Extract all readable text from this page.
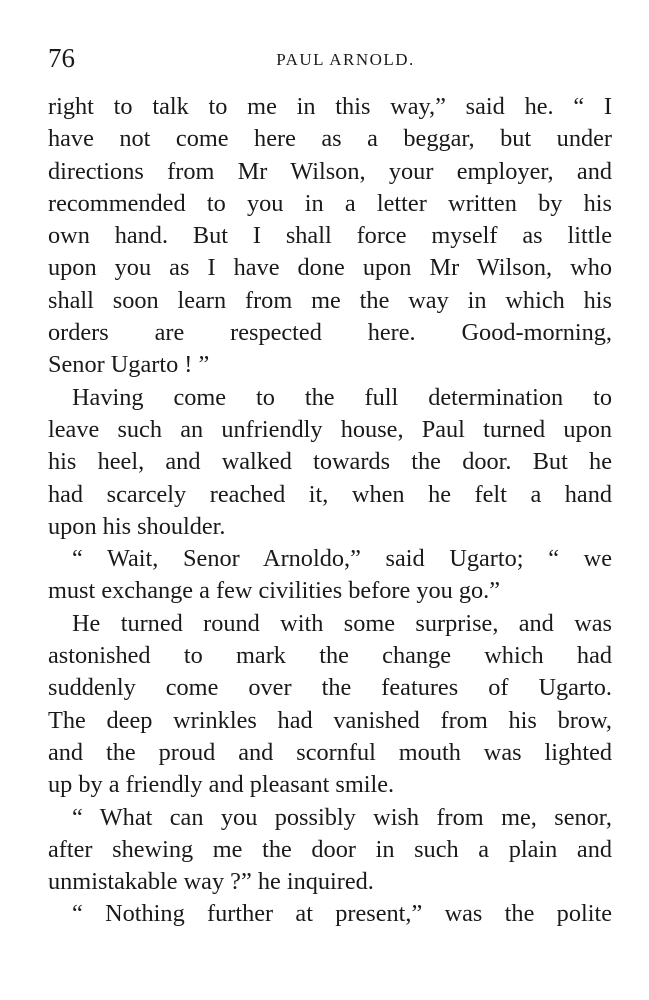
76	PAUL ARNOLD.

right to talk to me in this way,” said he. “ I
have not come here as a beggar, but under
directions from Mr Wilson, your employer, and
recommended to you in a letter written by his
own hand. But I shall force myself as little
upon you as I have done upon Mr Wilson, who
shall soon learn from me the way in which his
orders are respected here. Good-morning,
Senor Ugarto ! ”

Having come to the full determination to
leave such an unfriendly house, Paul turned upon
his heel, and walked towards the door. But he
had scarcely reached it, when he felt a hand
upon his shoulder.

“ Wait, Senor Arnoldo,” said Ugarto; “ we
must exchange a few civilities before you go.”

He turned round with some surprise, and was
astonished to mark the change which had
suddenly come over the features of Ugarto.
The deep wrinkles had vanished from his brow,
and the proud and scornful mouth was lighted
up by a friendly and pleasant smile.

“ What can you possibly wish from me, senor,
after shewing me the door in such a plain and
unmistakable way ?” he inquired.

“ Nothing further at present,” was the polite
